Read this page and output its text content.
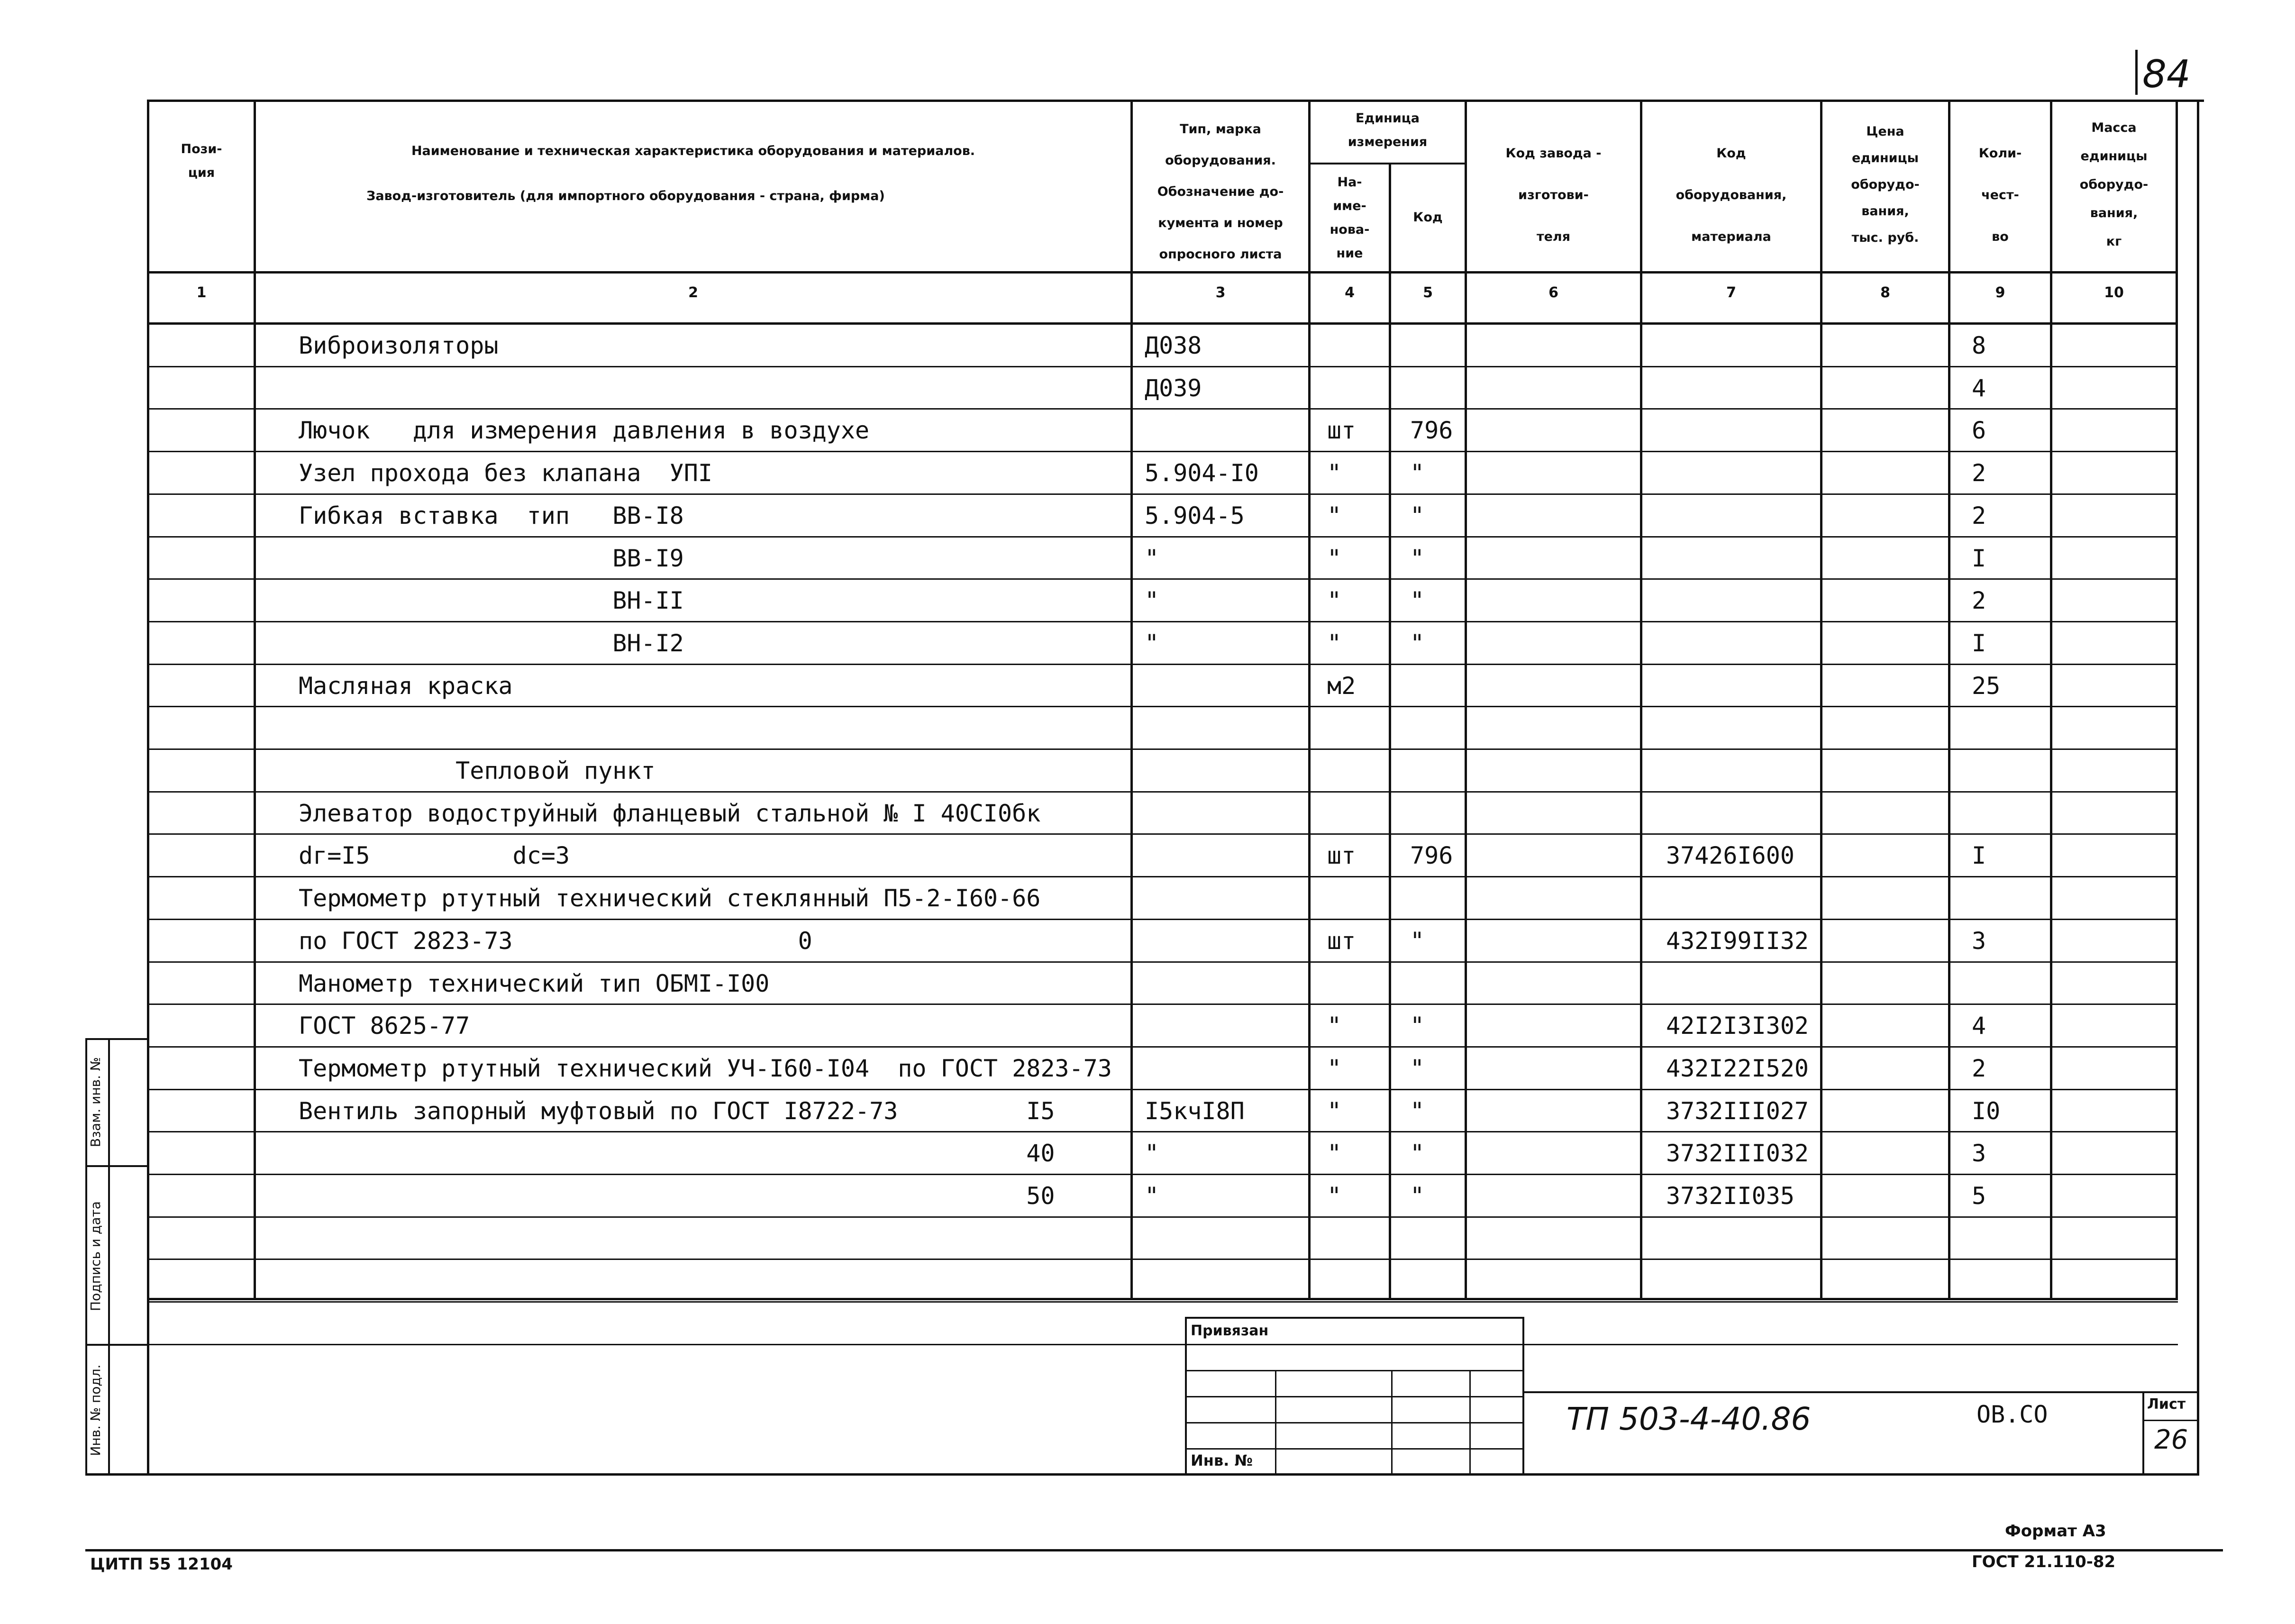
84
Пози-
ция
Наименование и техническая характеристика оборудования и материалов.
Завод-изготовитель (для импортного оборудования - страна, фирма)
Тип, марка
оборудования.
Обозначение до-
кумента и номер
опросного листа
Единица
измерения
На-
име-
нова-
ние
Код
Код завода -
изготови-
теля
Код
оборудования,
материала
Цена
единицы
оборудо-
вания,
тыс. руб.
Коли-
чест-
во
Масса
единицы
оборудо-
вания,
кг
1	2	3	4	5	6	7	8	9	10
Виброизоляторы	Д038	8
Д039	4
Лючок   для измерения давления в воздухе	шт 796	6
Узел прохода без клапана  УПI	5.904-I0	"	"	2
Гибкая вставка  тип   ВВ-I8	5.904-5	"	"	2
ВВ-I9	"	"	"	I
ВН-II	"	"	"	2
ВН-I2	"	"	"	I
Масляная краска	м2	25
Тепловой пункт
Элеватор водоструйный фланцевый стальной № I 40СI0бк
dг=I5          dс=3	шт 796	37426I600	I
Термометр ртутный технический стеклянный П5-2-I60-66
по ГОСТ 2823-73                    0	шт "	432I99II32	3
Манометр технический тип ОБМI-I00
ГОСТ 8625-77	"	"	42I2I3I302	4
Термометр ртутный технический УЧ-I60-I04  по ГОСТ 2823-73	"	"	432I22I520	2
Вентиль запорный муфтовый по ГОСТ I8722-73         I5	I5кчI8П	"	"	3732III027	I0
40	"	"	"	3732III032	3
50	"	"	"	3732II035	5
Взам. инв. №
Подпись и дата
Инв. № подл.
Привязан
Инв. №
ТП 503-4-40.86	ОВ.СО	Лист
26
ЦИТП 55 12104
Формат А3
ГОСТ 21.110-82
